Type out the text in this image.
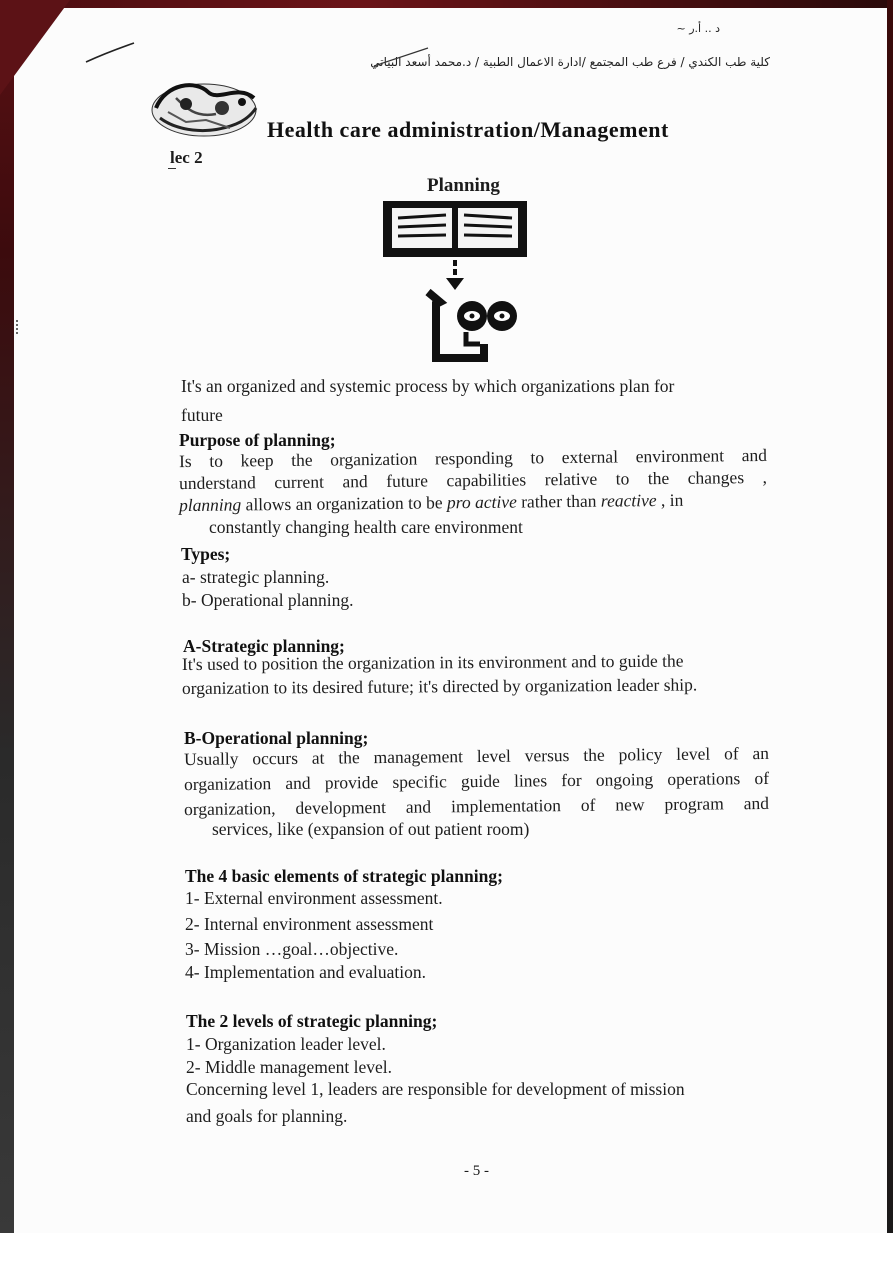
د .. أ.ر ~
كلية طب الكندي / فرع طب المجتمع /ادارة الاعمال الطبية / د.محمد أسعد البياتي
Health care administration/Management
lec 2
Planning
It's an organized and systemic process by which organizations plan for
future
Purpose of planning;
Is to keep the organization responding to external environment and
understand current and future capabilities relative to the changes ,
planning allows an organization to be pro active rather than reactive , in
constantly changing health care environment
Types;
a- strategic planning.
b- Operational planning.
A-Strategic planning;
It's used to position the organization in its environment and to guide the
organization to its desired future; it's directed by organization leader ship.
B-Operational planning;
Usually occurs at the management level versus the policy level of an
organization and provide specific guide lines for ongoing operations of
organization, development and implementation of new program and
services, like (expansion of out patient room)
The 4 basic elements of strategic planning;
1- External environment assessment.
2- Internal environment assessment
3- Mission …goal…objective.
4- Implementation and evaluation.
The 2 levels of strategic planning;
1- Organization leader level.
2- Middle management level.
Concerning level 1, leaders are responsible for development of mission
and goals for planning.
- 5 -
